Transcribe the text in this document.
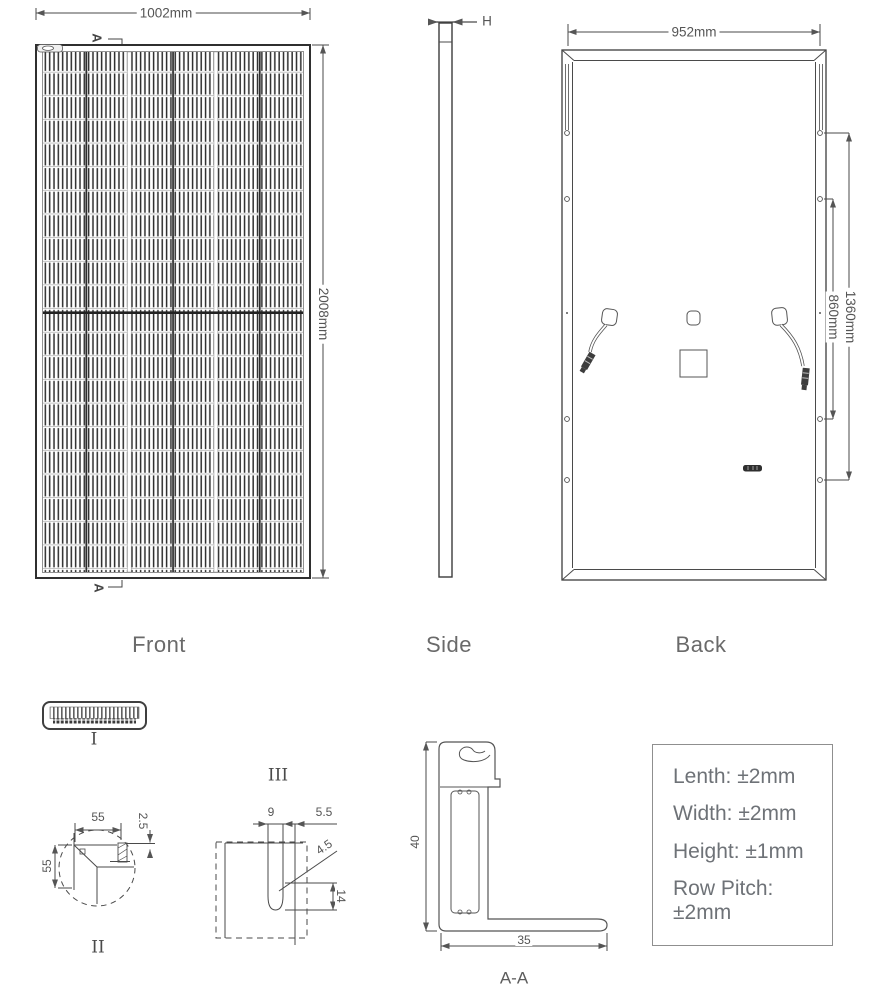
1002mm
A
A
2008mm
Front
H
Side
952mm
1360mm
860mm
Back
I
55	2.5
55
II
III
9	5.5
4.5
14
40
35
A-A
Lenth: ±2mm
Width: ±2mm
Height: ±1mm
Row Pitch: ±2mm
